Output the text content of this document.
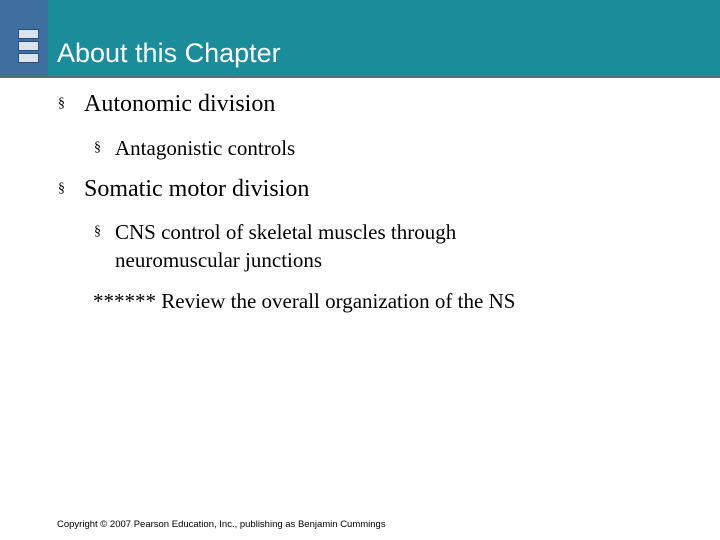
About this Chapter
§ Autonomic division
§ Antagonistic controls
§ Somatic motor division
§ CNS control of skeletal muscles through
neuromuscular junctions
****** Review the overall organization of the NS
Copyright © 2007 Pearson Education, Inc., publishing as Benjamin Cummings
